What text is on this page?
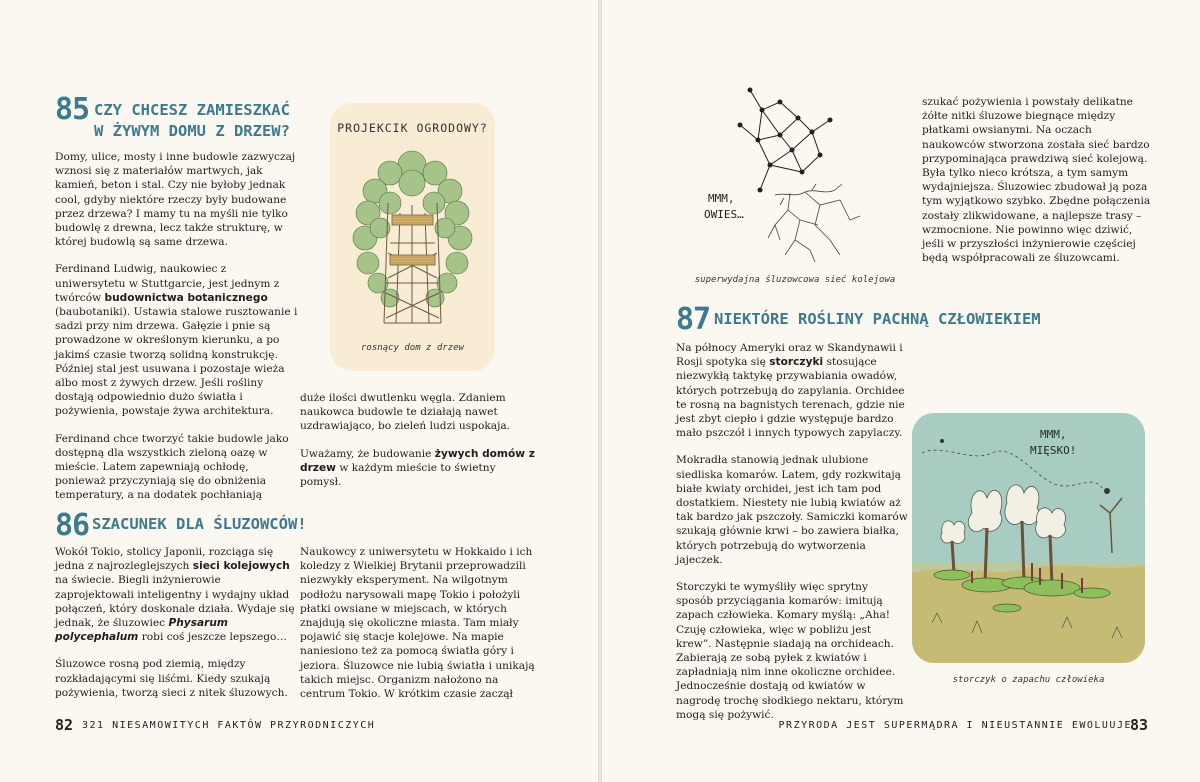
85 CZY CHCESZ ZAMIESZKAĆ
W ŻYWYM DOMU Z DRZEW?

Domy, ulice, mosty i inne budowle zazwyczaj wznosi się z materiałów martwych, jak kamień, beton i stal. Czy nie byłoby jednak cool, gdyby niektóre rzeczy były budowane przez drzewa? I mamy tu na myśli nie tylko budowlę z drewna, lecz także strukturę, w której budowlą są same drzewa.

Ferdinand Ludwig, naukowiec z uniwersytetu w Stuttgarcie, jest jednym z twórców budownictwa botanicznego (baubotaniki). Ustawia stalowe rusztowanie i sadzi przy nim drzewa. Gałęzie i pnie są prowadzone w określonym kierunku, a po jakimś czasie tworzą solidną konstrukcję. Później stal jest usuwana i pozostaje wieża albo most z żywych drzew. Jeśli rośliny dostają odpowiednio dużo światła i pożywienia, powstaje żywa architektura.

Ferdinand chce tworzyć takie budowle jako dostępną dla wszystkich zieloną oazę w mieście. Latem zapewniają ochłodę, ponieważ przyczyniają się do obniżenia temperatury, a na dodatek pochłaniają

duże ilości dwutlenku węgla. Zdaniem naukowca budowle te działają nawet uzdrawiająco, bo zieleń ludzi uspokaja.

Uważamy, że budowanie żywych domów z drzew w każdym mieście to świetny pomysł.

PROJEKCIK OGRODOWY?
rosnący dom z drzew
86 SZACUNEK DLA ŚLUZOWCÓW!

Wokół Tokio, stolicy Japonii, rozciąga się jedna z najrozleglejszych sieci kolejowych na świecie. Biegli inżynierowie zaprojektowali inteligentny i wydajny układ połączeń, który doskonale działa. Wydaje się jednak, że śluzowiec Physarum polycephalum robi coś jeszcze lepszego…

Śluzowce rosną pod ziemią, między rozkładającymi się liśćmi. Kiedy szukają pożywienia, tworzą sieci z nitek śluzowych.

Naukowcy z uniwersytetu w Hokkaido i ich koledzy z Wielkiej Brytanii przeprowadzili niezwykły eksperyment. Na wilgotnym podłożu narysowali mapę Tokio i położyli płatki owsiane w miejscach, w których znajdują się okoliczne miasta. Tam miały pojawić się stacje kolejowe. Na mapie naniesiono też za pomocą światła góry i jeziora. Śluzowce nie lubią światła i unikają takich miejsc. Organizm nałożono na centrum Tokio. W krótkim czasie zaczął

szukać pożywienia i powstały delikatne żółte nitki śluzowe biegnące między płatkami owsianymi. Na oczach naukowców stworzona została sieć bardzo przypominająca prawdziwą sieć kolejową. Była tylko nieco krótsza, a tym samym wydajniejsza. Śluzowiec zbudował ją poza tym wyjątkowo szybko. Zbędne połączenia zostały zlikwidowane, a najlepsze trasy – wzmocnione. Nie powinno więc dziwić, jeśli w przyszłości inżynierowie częściej będą współpracowali ze śluzowcami.

MMM,
OWIES…
superwydajna śluzowcowa sieć kolejowa
87 NIEKTÓRE ROŚLINY PACHNĄ CZŁOWIEKIEM

Na północy Ameryki oraz w Skandynawii i Rosji spotyka się storczyki stosujące niezwykłą taktykę przywabiania owadów, których potrzebują do zapylania. Orchidee te rosną na bagnistych terenach, gdzie nie jest zbyt ciepło i gdzie występuje bardzo mało pszczół i innych typowych zapylaczy.

Mokradła stanowią jednak ulubione siedliska komarów. Latem, gdy rozkwitają białe kwiaty orchidei, jest ich tam pod dostatkiem. Niestety nie lubią kwiatów aż tak bardzo jak pszczoły. Samiczki komarów szukają głównie krwi – bo zawiera białka, których potrzebują do wytworzenia jajeczek.

Storczyki te wymyśliły więc sprytny sposób przyciągania komarów: imitują zapach człowieka. Komary myślą: „Aha! Czuję człowieka, więc w pobliżu jest krew”. Następnie siadają na orchideach. Zabierają ze sobą pyłek z kwiatów i zapładniają nim inne okoliczne orchidee. Jednocześnie dostają od kwiatów w nagrodę trochę słodkiego nektaru, którym mogą się pożywić.

MMM,
MIĘSKO!
storczyk o zapachu człowieka
82 321 NIESAMOWITYCH FAKTÓW PRZYRODNICZYCH	PRZYRODA JEST SUPERMĄDRA I NIEUSTANNIE EWOLUUJE
83
